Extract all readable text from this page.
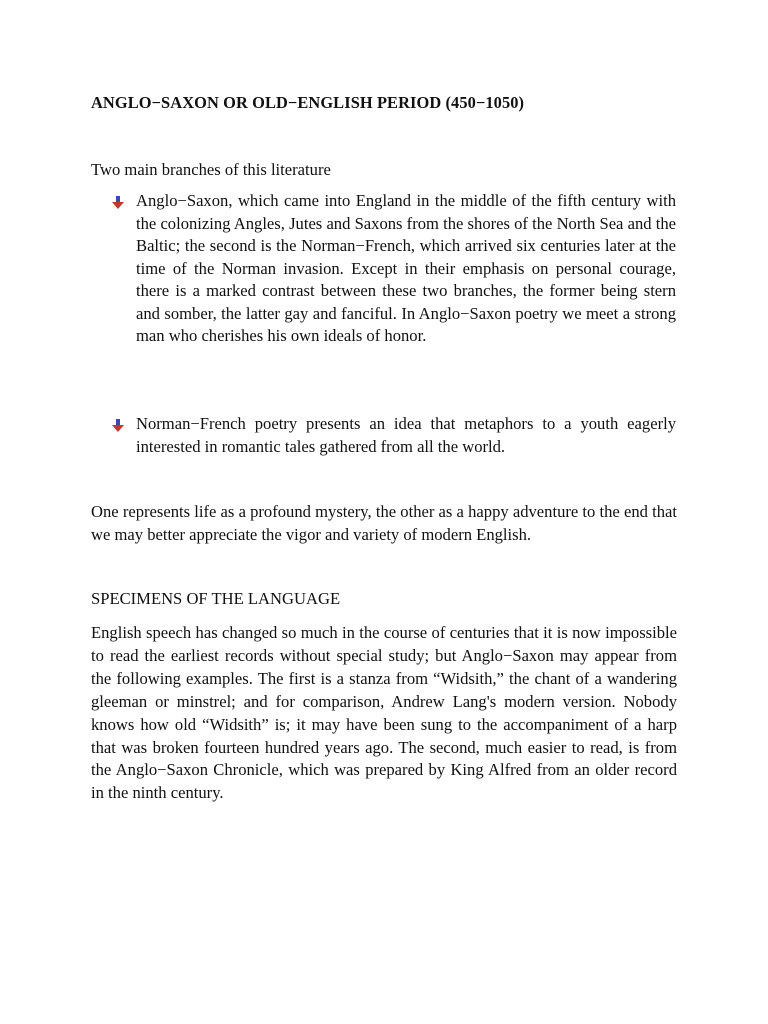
ANGLO−SAXON OR OLD−ENGLISH PERIOD (450−1050)
Two main branches of this literature
Anglo−Saxon, which came into England in the middle of the fifth century with the colonizing Angles, Jutes and Saxons from the shores of the North Sea and the Baltic; the second is the Norman−French, which arrived six centuries later at the time of the Norman invasion. Except in their emphasis on personal courage, there is a marked contrast between these two branches, the former being stern and somber, the latter gay and fanciful. In Anglo−Saxon poetry we meet a strong man who cherishes his own ideals of honor.
Norman−French poetry presents an idea that metaphors to a youth eagerly interested in romantic tales gathered from all the world.
One represents life as a profound mystery, the other as a happy adventure to the end that we may better appreciate the vigor and variety of modern English.
SPECIMENS OF THE LANGUAGE
English speech has changed so much in the course of centuries that it is now impossible to read the earliest records without special study; but Anglo−Saxon may appear from the following examples. The first is a stanza from “Widsith,” the chant of a wandering gleeman or minstrel; and for comparison, Andrew Lang's modern version. Nobody knows how old “Widsith” is; it may have been sung to the accompaniment of a harp that was broken fourteen hundred years ago. The second, much easier to read, is from the Anglo−Saxon Chronicle, which was prepared by King Alfred from an older record in the ninth century.
